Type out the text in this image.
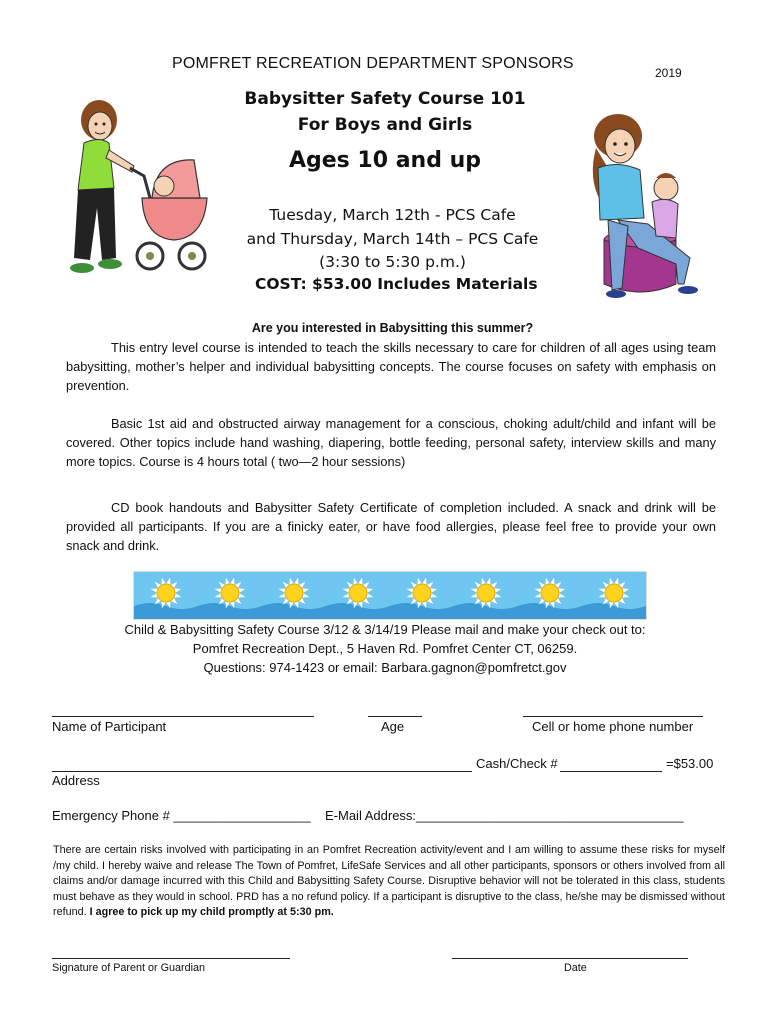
POMFRET RECREATION DEPARTMENT SPONSORS
2019
Babysitter Safety Course 101
For Boys and Girls
Ages 10 and up
Tuesday, March 12th - PCS Cafe
and Thursday, March 14th – PCS Cafe
(3:30 to 5:30 p.m.)
COST: $53.00 Includes Materials
Are you interested in Babysitting this summer?
This entry level course is intended to teach the skills necessary to care for children of all ages using team babysitting, mother’s helper and individual babysitting concepts. The course focuses on safety with emphasis on prevention.
Basic 1st aid and obstructed airway management for a conscious, choking adult/child and infant will be covered. Other topics include hand washing, diapering, bottle feeding, personal safety, interview skills and many more topics. Course is 4 hours total ( two—2 hour sessions)
CD book handouts and Babysitter Safety Certificate of completion included. A snack and drink will be provided all participants. If you are a finicky eater, or have food allergies, please feel free to provide your own snack and drink.
Child & Babysitting Safety Course 3/12 & 3/14/19 Please mail and make your check out to:
Pomfret Recreation Dept., 5 Haven Rd. Pomfret Center CT, 06259.
Questions: 974-1423 or email: Barbara.gagnon@pomfretct.gov
Name of Participant	Age	Cell or home phone number
Cash/Check #	=$53.00
Address
Emergency Phone # ___________________ E-Mail Address:_____________________________________
There are certain risks involved with participating in an Pomfret Recreation activity/event and I am willing to assume these risks for myself /my child. I hereby waive and release The Town of Pomfret, LifeSafe Services and all other participants, sponsors or others involved from all claims and/or damage incurred with this Child and Babysitting Safety Course. Disruptive behavior will not be tolerated in this class, students must behave as they would in school. PRD has a no refund policy. If a participant is disruptive to the class, he/she may be dismissed without refund. I agree to pick up my child promptly at 5:30 pm.
Signature of Parent or Guardian	Date
